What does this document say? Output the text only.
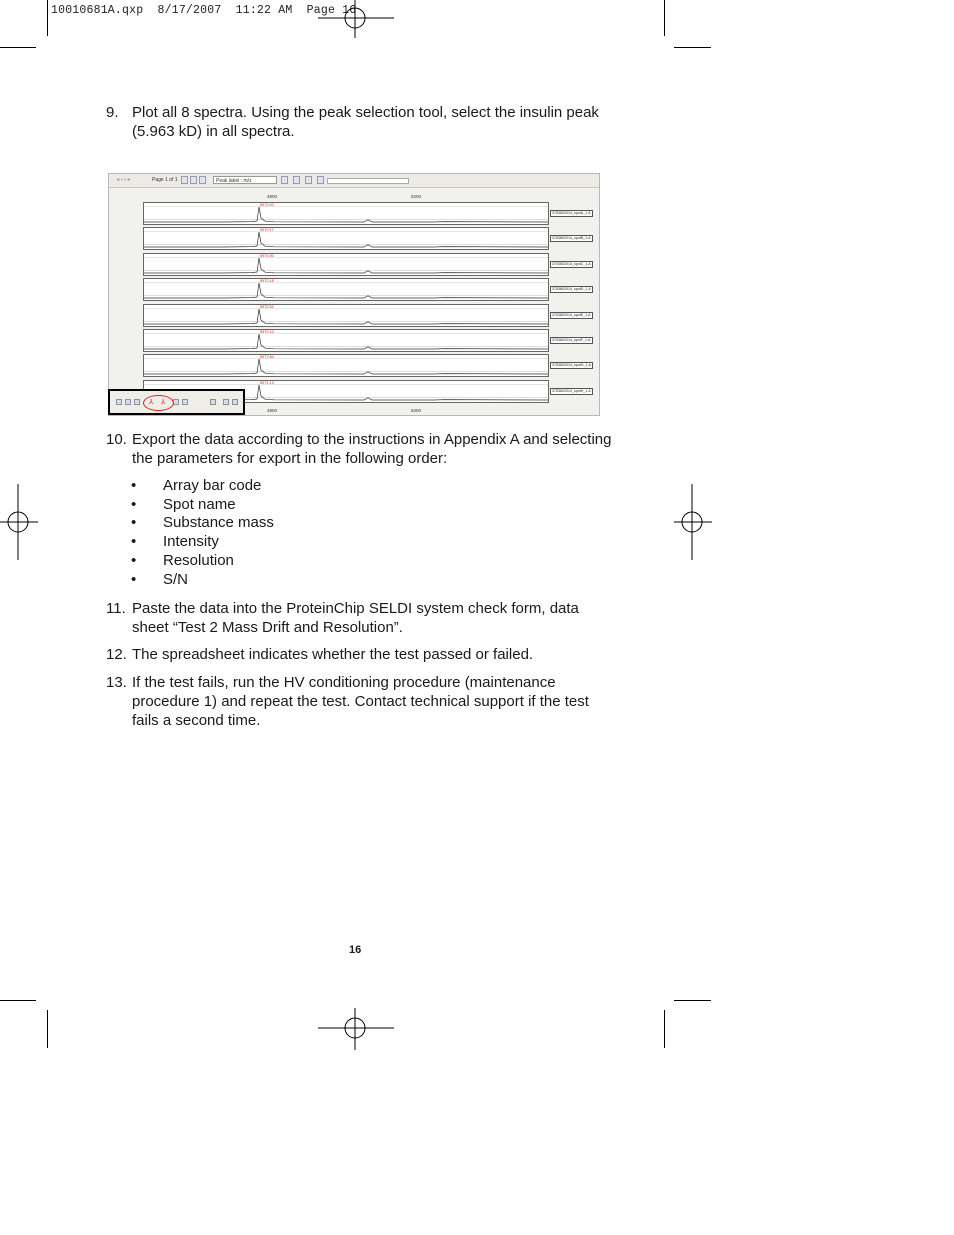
10010681A.qxp  8/17/2007  11:22 AM  Page 16
9. Plot all 8 spectra. Using the peak selection tool, select the insulin peak (5.963 kD) in all spectra.
« ‹ › »	Page 1 of 1	Peak label : m/z
4800	6200

5970.00
3753802014_spotA_1.A

5970.17
3753802014_spotB_1.A

5970.00
3753802014_spotC_1.A

5970.18
3753802014_spotD_1.A

5970.52
3753802014_spotE_1.A

5970.10
3753802014_spotF_1.A

5977.84
3753802014_spotG_1.A

5971.13
3753802014_spotH_1.A
4800	6200
⅄ ⅄
10. Export the data according to the instructions in Appendix A and selecting the parameters for export in the following order:
• Array bar code
• Spot name
• Substance mass
• Intensity
• Resolution
• S/N
11. Paste the data into the ProteinChip SELDI system check form, data sheet “Test 2 Mass Drift and Resolution”.
12. The spreadsheet indicates whether the test passed or failed.
13. If the test fails, run the HV conditioning procedure (maintenance procedure 1) and repeat the test. Contact technical support if the test fails a second time.
16
